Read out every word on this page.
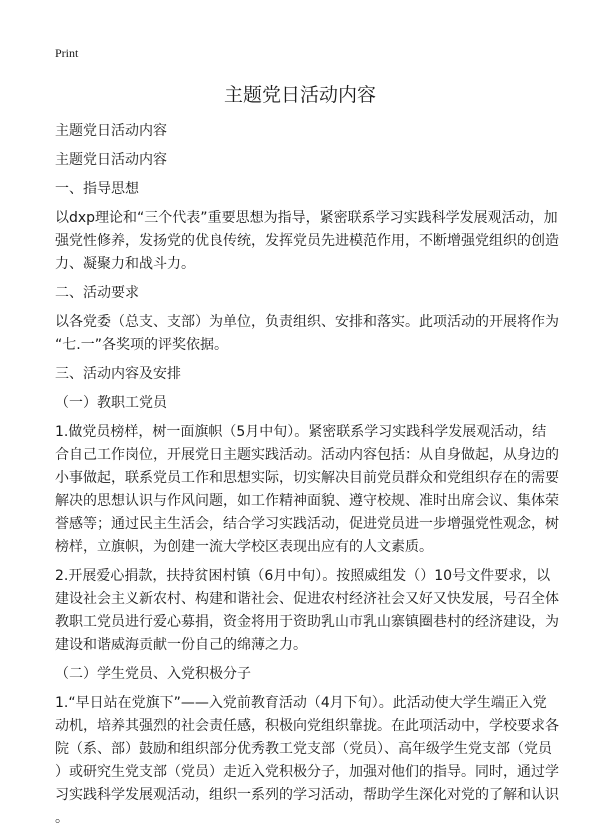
Print
主题党日活动内容
主题党日活动内容
主题党日活动内容
一、指导思想
以dxp理论和“三个代表”重要思想为指导，紧密联系学习实践科学发展观活动，加
强党性修养，发扬党的优良传统，发挥党员先进模范作用，不断增强党组织的创造
力、凝聚力和战斗力。
二、活动要求
以各党委（总支、支部）为单位，负责组织、安排和落实。此项活动的开展将作为
“七.一”各奖项的评奖依据。
三、活动内容及安排
（一）教职工党员
1.做党员榜样，树一面旗帜（5月中旬）。紧密联系学习实践科学发展观活动，结
合自己工作岗位，开展党日主题实践活动。活动内容包括：从自身做起，从身边的
小事做起，联系党员工作和思想实际，切实解决目前党员群众和党组织存在的需要
解决的思想认识与作风问题，如工作精神面貌、遵守校规、准时出席会议、集体荣
誉感等；通过民主生活会，结合学习实践活动，促进党员进一步增强党性观念，树
榜样，立旗帜，为创建一流大学校区表现出应有的人文素质。
2.开展爱心捐款，扶持贫困村镇（6月中旬）。按照威组发（）10号文件要求，以
建设社会主义新农村、构建和谐社会、促进农村经济社会又好又快发展，号召全体
教职工党员进行爱心募捐，资金将用于资助乳山市乳山寨镇圈巷村的经济建设，为
建设和谐威海贡献一份自己的绵薄之力。
（二）学生党员、入党积极分子
1.“早日站在党旗下”——入党前教育活动（4月下旬）。此活动使大学生端正入党
动机，培养其强烈的社会责任感，积极向党组织靠拢。在此项活动中，学校要求各
院（系、部）鼓励和组织部分优秀教工党支部（党员）、高年级学生党支部（党员
）或研究生党支部（党员）走近入党积极分子，加强对他们的指导。同时，通过学
习实践科学发展观活动，组织一系列的学习活动，帮助学生深化对党的了解和认识
。
